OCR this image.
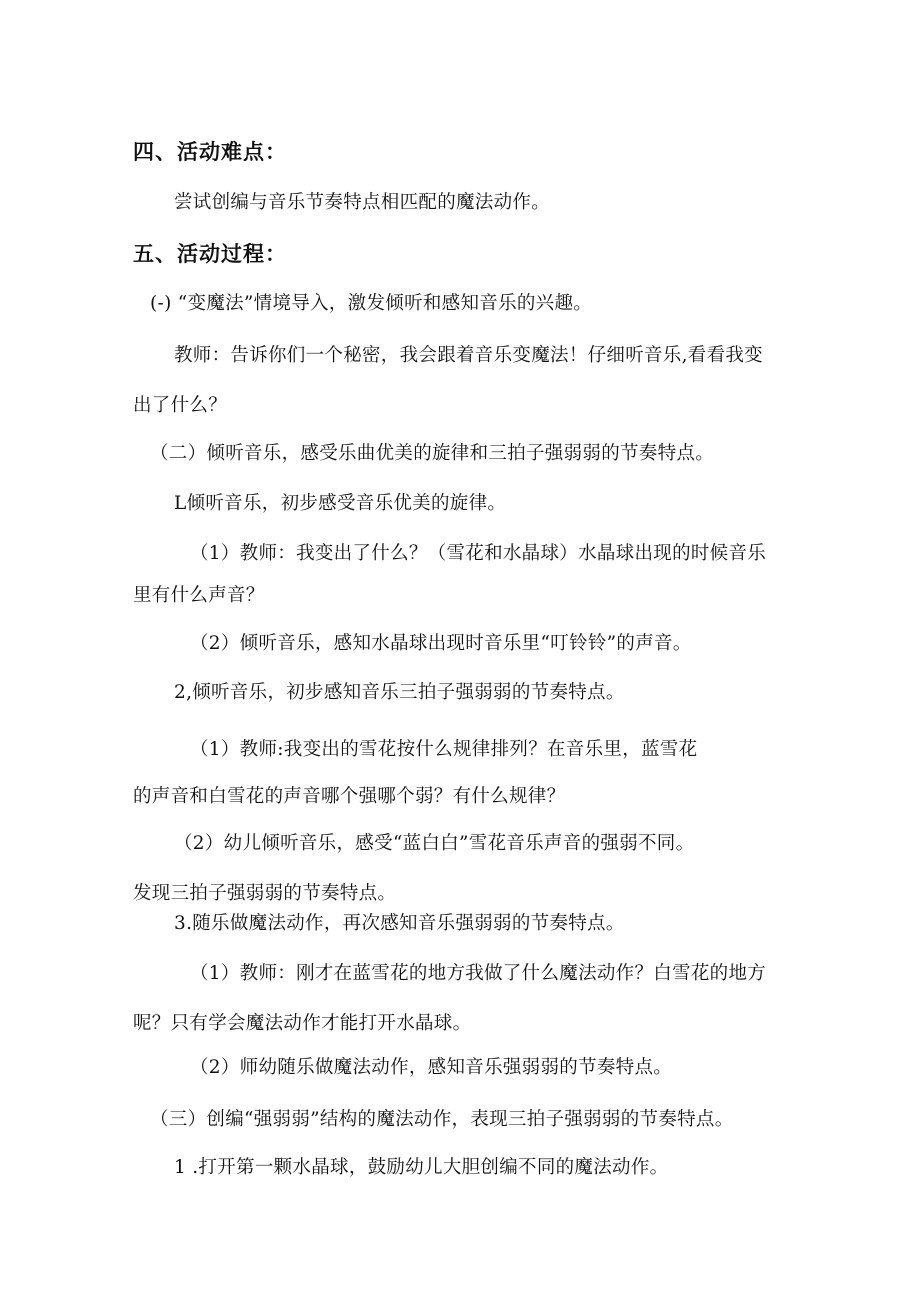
四、活动难点：
尝试创编与音乐节奏特点相匹配的魔法动作。
五、活动过程：
(-) “变魔法”情境导入，激发倾听和感知音乐的兴趣。
教师：告诉你们一个秘密，我会跟着音乐变魔法！仔细听音乐,看看我变
出了什么？
（二）倾听音乐，感受乐曲优美的旋律和三拍子强弱弱的节奏特点。
L倾听音乐，初步感受音乐优美的旋律。
（1）教师：我变出了什么？（雪花和水晶球）水晶球出现的时候音乐
里有什么声音？
（2）倾听音乐，感知水晶球出现时音乐里“叮铃铃”的声音。
2,倾听音乐，初步感知音乐三拍子强弱弱的节奏特点。
（1）教师:我变出的雪花按什么规律排列？在音乐里，蓝雪花
的声音和白雪花的声音哪个强哪个弱？有什么规律？
（2）幼儿倾听音乐，感受“蓝白白”雪花音乐声音的强弱不同。
发现三拍子强弱弱的节奏特点。
3.随乐做魔法动作，再次感知音乐强弱弱的节奏特点。
（1）教师：刚才在蓝雪花的地方我做了什么魔法动作？白雪花的地方
呢？只有学会魔法动作才能打开水晶球。
（2）师幼随乐做魔法动作，感知音乐强弱弱的节奏特点。
（三）创编“强弱弱”结构的魔法动作，表现三拍子强弱弱的节奏特点。
1 .打开第一颗水晶球，鼓励幼儿大胆创编不同的魔法动作。
